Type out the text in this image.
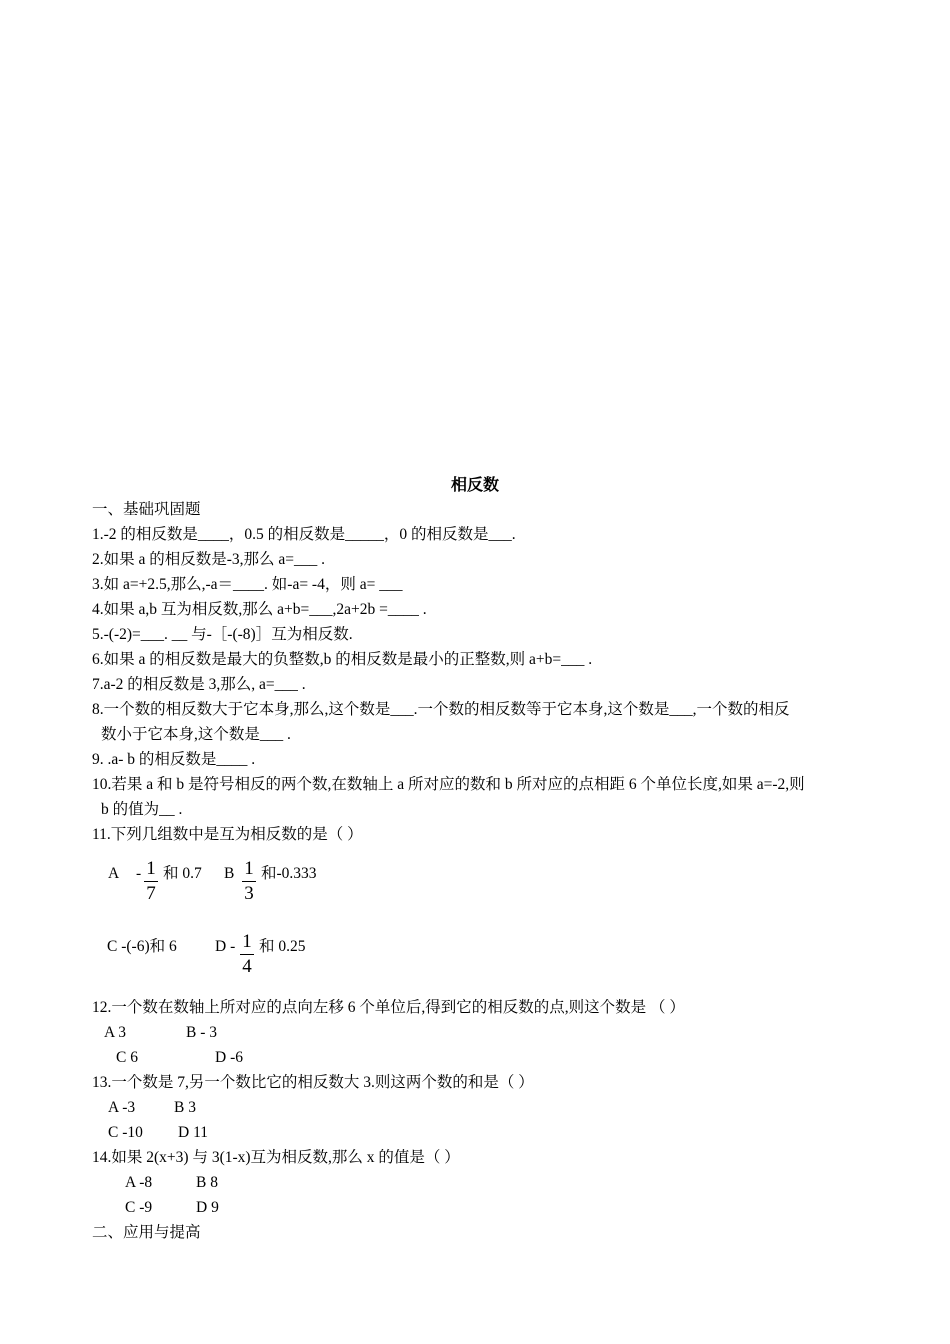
相反数
一、基础巩固题
1.-2 的相反数是____，0.5 的相反数是_____，0 的相反数是___.
2.如果 a 的相反数是-3,那么 a=___ .
3.如 a=+2.5,那么,-a＝____. 如-a= -4，则 a= ___
4.如果 a,b 互为相反数,那么 a+b=___,2a+2b =____ .
5.-(-2)=___. __ 与-［-(-8)］互为相反数.
6.如果 a 的相反数是最大的负整数,b 的相反数是最小的正整数,则 a+b=___ .
7.a-2 的相反数是 3,那么, a=___ .
8.一个数的相反数大于它本身,那么,这个数是___.一个数的相反数等于它本身,这个数是___,一个数的相反
数小于它本身,这个数是___ .
9. .a- b 的相反数是____ .
10.若果 a 和 b 是符号相反的两个数,在数轴上 a 所对应的数和 b 所对应的点相距 6 个单位长度,如果 a=-2,则
b 的值为__ .
11.下列几组数中是互为相反数的是（ ）
A - 1
7
和 0.7 B 1
3
和-0.333
C -(-6)和 6 D - 1
4
和 0.25
12.一个数在数轴上所对应的点向左移 6 个单位后,得到它的相反数的点,则这个数是 （ ）
A 3	B - 3
C 6	D -6
13.一个数是 7,另一个数比它的相反数大 3.则这两个数的和是（ ）
A -3	B 3
C -10 D 11
14.如果 2(x+3) 与 3(1-x)互为相反数,那么 x 的值是（ ）
A -8	B 8
C -9	D 9
二、应用与提高
